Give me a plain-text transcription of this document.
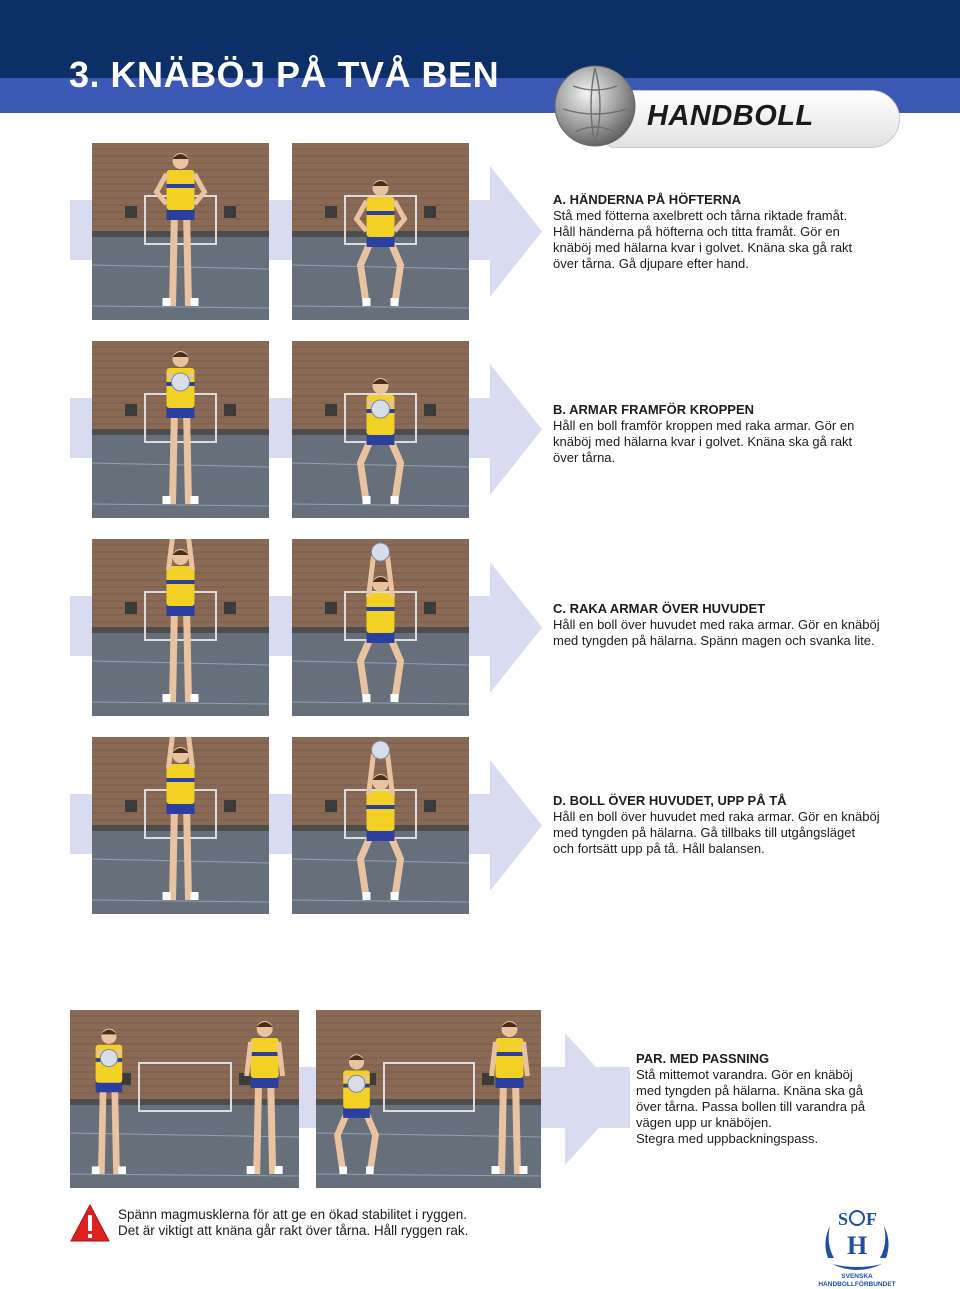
3. KNÄBÖJ PÅ TVÅ BEN
HANDBOLL
A. HÄNDERNA PÅ HÖFTERNA
Stå med fötterna axelbrett och tårna riktade framåt.
Håll händerna på höfterna och titta framåt. Gör en
knäböj med hälarna kvar i golvet. Knäna ska gå rakt
över tårna. Gå djupare efter hand.
B. ARMAR FRAMFÖR KROPPEN
Håll en boll framför kroppen med raka armar. Gör en
knäböj med hälarna kvar i golvet. Knäna ska gå rakt
över tårna.
C. RAKA ARMAR ÖVER HUVUDET
Håll en boll över huvudet med raka armar. Gör en knäböj
med tyngden på hälarna. Spänn magen och svanka lite.
D. BOLL ÖVER HUVUDET, UPP PÅ TÅ
Håll en boll över huvudet med raka armar. Gör en knäböj
med tyngden på hälarna. Gå tillbaks till utgångsläget
och fortsätt upp på tå. Håll balansen.
PAR. MED PASSNING
Stå mittemot varandra. Gör en knäböj
med tyngden på hälarna. Knäna ska gå
över tårna. Passa bollen till varandra på
vägen upp ur knäböjen.
Stegra med uppbackningspass.
Spänn magmusklerna för att ge en ökad stabilitet i ryggen.
Det är viktigt att knäna går rakt över tårna. Håll ryggen rak.
S F
H
SVENSKA
HANDBOLLFÖRBUNDET
